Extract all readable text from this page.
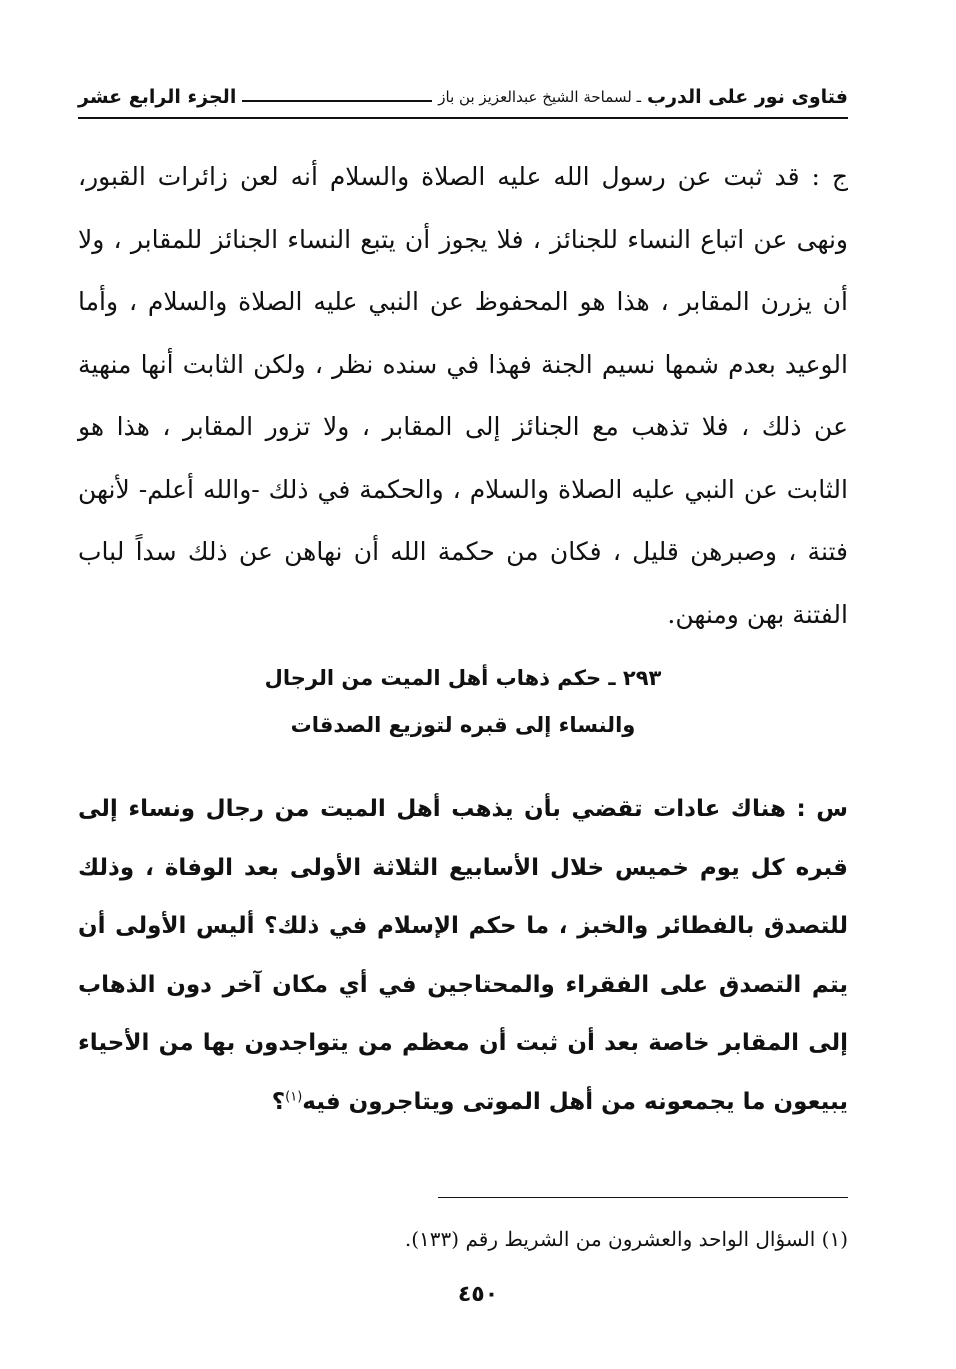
فتاوى نور على الدرب
ـ لسماحة الشيخ عبدالعزيز بن باز
الجزء الرابع عشر
ج : قد ثبت عن رسول الله عليه الصلاة والسلام أنه لعن زائرات القبور، ونهى عن اتباع النساء للجنائز ، فلا يجوز أن يتبع النساء الجنائز للمقابر ، ولا أن يزرن المقابر ، هذا هو المحفوظ عن النبي عليه الصلاة والسلام ، وأما الوعيد بعدم شمها نسيم الجنة فهذا في سنده نظر ، ولكن الثابت أنها منهية عن ذلك ، فلا تذهب مع الجنائز إلى المقابر ، ولا تزور المقابر ، هذا هو الثابت عن النبي عليه الصلاة والسلام ، والحكمة في ذلك -والله أعلم- لأنهن فتنة ، وصبرهن قليل ، فكان من حكمة الله أن نهاهن عن ذلك سداً لباب الفتنة بهن ومنهن.
٢٩٣ ـ حكم ذهاب أهل الميت من الرجال
والنساء إلى قبره لتوزيع الصدقات
س : هناك عادات تقضي بأن يذهب أهل الميت من رجال ونساء إلى قبره كل يوم خميس خلال الأسابيع الثلاثة الأولى بعد الوفاة ، وذلك للتصدق بالفطائر والخبز ، ما حكم الإسلام في ذلك؟ أليس الأولى أن يتم التصدق على الفقراء والمحتاجين في أي مكان آخر دون الذهاب إلى المقابر خاصة بعد أن ثبت أن معظم من يتواجدون بها من الأحياء يبيعون ما يجمعونه من أهل الموتى ويتاجرون فيه$^{(١)}$؟
(١) السؤال الواحد والعشرون من الشريط رقم (١٣٣).
٤٥٠
